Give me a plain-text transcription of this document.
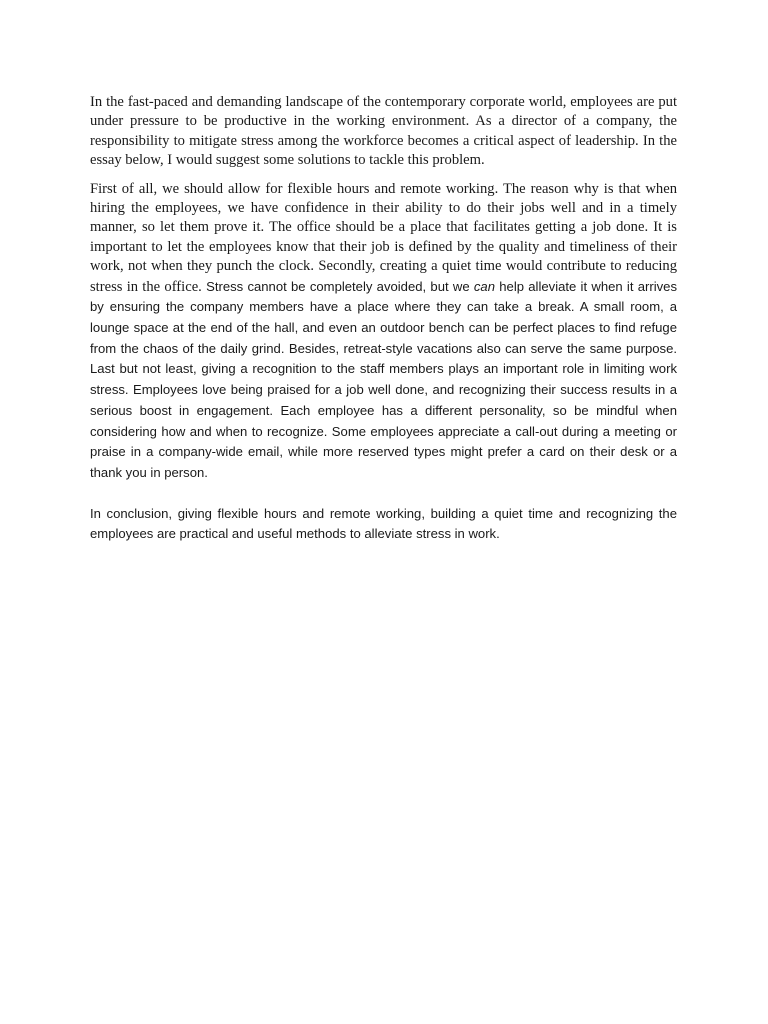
In the fast-paced and demanding landscape of the contemporary corporate world, employees are put under pressure to be productive in the working environment. As a director of a company, the responsibility to mitigate stress among the workforce becomes a critical aspect of leadership. In the essay below, I would suggest some solutions to tackle this problem.

First of all, we should allow for flexible hours and remote working. The reason why is that when hiring the employees, we have confidence in their ability to do their jobs well and in a timely manner, so let them prove it. The office should be a place that facilitates getting a job done. It is important to let the employees know that their job is defined by the quality and timeliness of their work, not when they punch the clock. Secondly, creating a quiet time would contribute to reducing stress in the office. Stress cannot be completely avoided, but we can help alleviate it when it arrives by ensuring the company members have a place where they can take a break. A small room, a lounge space at the end of the hall, and even an outdoor bench can be perfect places to find refuge from the chaos of the daily grind. Besides, retreat-style vacations also can serve the same purpose. Last but not least, giving a recognition to the staff members plays an important role in limiting work stress. Employees love being praised for a job well done, and recognizing their success results in a serious boost in engagement. Each employee has a different personality, so be mindful when considering how and when to recognize. Some employees appreciate a call-out during a meeting or praise in a company-wide email, while more reserved types might prefer a card on their desk or a thank you in person.

In conclusion, giving flexible hours and remote working, building a quiet time and recognizing the employees are practical and useful methods to alleviate stress in work.
